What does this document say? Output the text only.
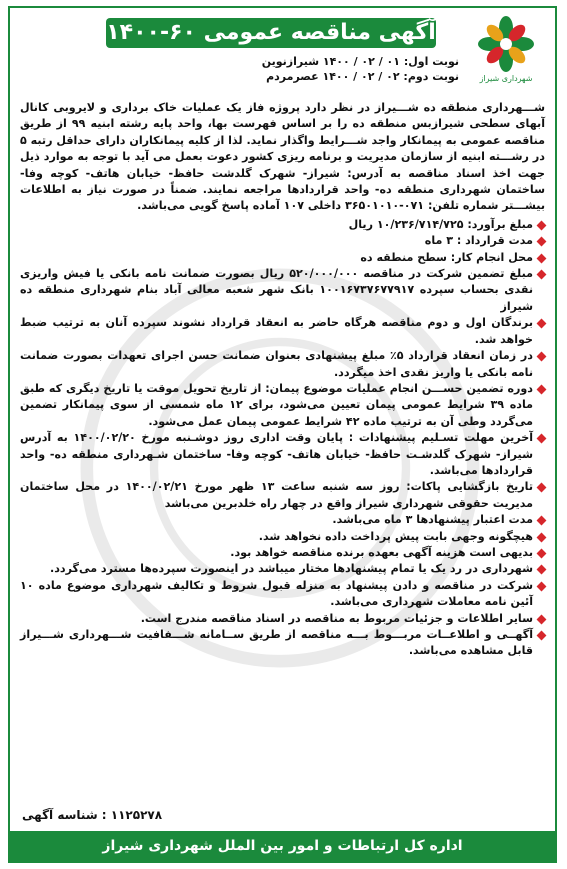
آگهی مناقصه عمومی ۶۰-۱۴۰۰
شهرداری شیراز
نوبت اول: ۰۱ / ۰۲ / ۱۴۰۰ شیرازنوین
نوبت دوم: ۰۲ / ۰۲ / ۱۴۰۰ عصرمردم

شـــهرداری منطقه ده شـــیراز در نظر دارد پروژه فاز یک عملیات خاک برداری و لایروبی کانال آبهای سطحی شیرازبس منطقه ده را بر اساس فهرست بها، واحد پایه رشته ابنیه ۹۹ از طریق مناقصه عمومی به پیمانکار واجد شـــرایط واگذار نماید. لذا از کلیه پیمانکاران دارای حداقل رتبه ۵ در رشـــته ابنیه از سازمان مدیریت و برنامه ریزی کشور دعوت بعمل می آید با توجه به موارد ذیل جهت اخذ اسناد مناقصه به آدرس: شیراز- شهرک گلدشت حافظ- خیابان هاتف- کوچه وفا- ساختمان شهرداری منطقه ده- واحد قراردادها مراجعه نمایند. ضمناً در صورت نیاز به اطلاعات بیشـــتر شماره تلفن: ۰۷۱-۳۶۵۰۱۰۱۰ داخلی ۱۰۷ آماده پاسخ گویی می‌باشد.

مبلغ برآورد: ۱۰/۲۳۶/۷۱۴/۷۲۵ ریال
مدت قرارداد : ۳ ماه
محل انجام کار: سطح منطقه ده
مبلغ تضمین شرکت در مناقصه ۵۲۰/۰۰۰/۰۰۰ ریال بصورت ضمانت نامه بانکی یا فیش واریزی نقدی بحساب سپرده ۱۰۰۱۶۷۳۷۶۷۷۹۱۷ بانک شهر شعبه معالی آباد بنام شهرداری منطقه ده شیراز
برندگان اول و دوم مناقصه هرگاه حاضر به انعقاد قرارداد نشوند سپرده آنان به ترتیب ضبط خواهد شد.
در زمان انعقاد قرارداد ۵٪ مبلغ پیشنهادی بعنوان ضمانت حسن اجرای تعهدات بصورت ضمانت نامه بانکی یا واریز نقدی اخذ میگردد.
دوره تضمین حســـن انجام عملیات موضوع پیمان: از تاریخ تحویل موقت یا تاریخ دیگری که طبق ماده ۳۹ شرایط عمومی پیمان تعیین می‌شود، برای ۱۲ ماه شمسی از سوی پیمانکار تضمین می‌گردد وطی آن به ترتیب ماده ۴۲ شرایط عمومی پیمان عمل می‌شود.
آخرین مهلت تسـلیم پیشنهادات : پایان وقت اداری روز دوشـنبه مورخ ۱۴۰۰/۰۲/۲۰ به آدرس شیراز- شهرک گلدشـت حافظ- خیابان هاتف- کوچه وفا- ساختمان شـهرداری منطقه ده- واحد قراردادها می‌باشد.
تاریخ بازگشایی پاکات: روز سه شنبه ساعت ۱۳ ظهر مورخ ۱۴۰۰/۰۲/۲۱ در محل ساختمان مدیریت حقوقی شهرداری شیراز واقع در چهار راه خلدبرین می‌باشد
مدت اعتبار پیشنهادها ۳ ماه می‌باشد.
هیچگونه وجهی بابت پیش پرداخت داده نخواهد شد.
بدیهی است هزینه آگهی بعهده برنده مناقصه خواهد بود.
شهرداری در رد یک یا تمام پیشنهادها مختار میباشد در اینصورت سپرده‌ها مسترد می‌گردد.
شرکت در مناقصه و دادن پیشنهاد به منزله قبول شروط و تکالیف شهرداری موضوع ماده ۱۰ آئین نامه معاملات شهرداری می‌باشد.
سایر اطلاعات و جزئیات مربوط به مناقصه در اسناد مناقصه مندرج است.
آگهــی و اطلاعــات مربـــوط بـــه مناقصه از طریق ســامانه شـــفافیت شـــهرداری شـــیراز قابل مشاهده می‌باشد.
۱۱۲۵۲۷۸ : شناسه آگهی
اداره کل ارتباطات و امور بین الملل شهرداری شیراز
